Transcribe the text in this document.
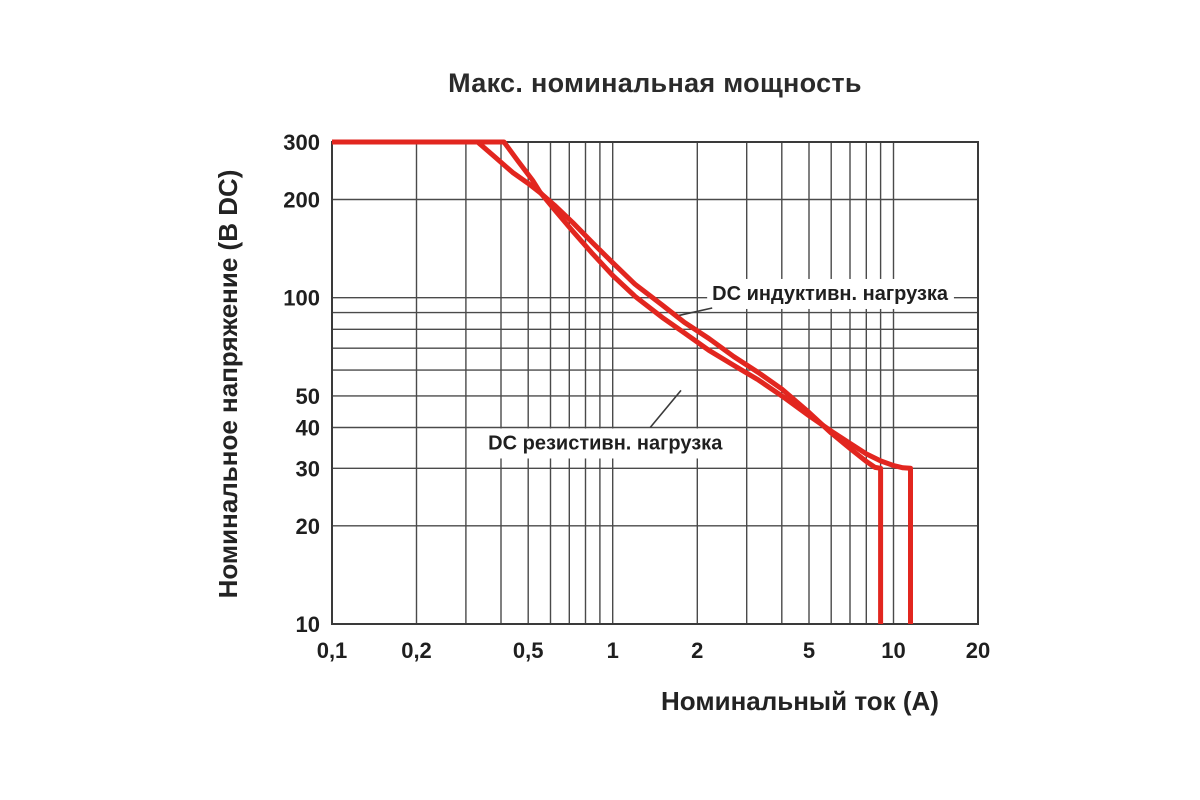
Макс. номинальная мощность
Номинальное напряжение (В DC)	DC индуктивн. нагрузка
DC резистивн. нагрузка
0,1 0,2	0,5	1	2	5	10	20
300
200
100
50
40
30
20
10
Номинальный ток (А)
